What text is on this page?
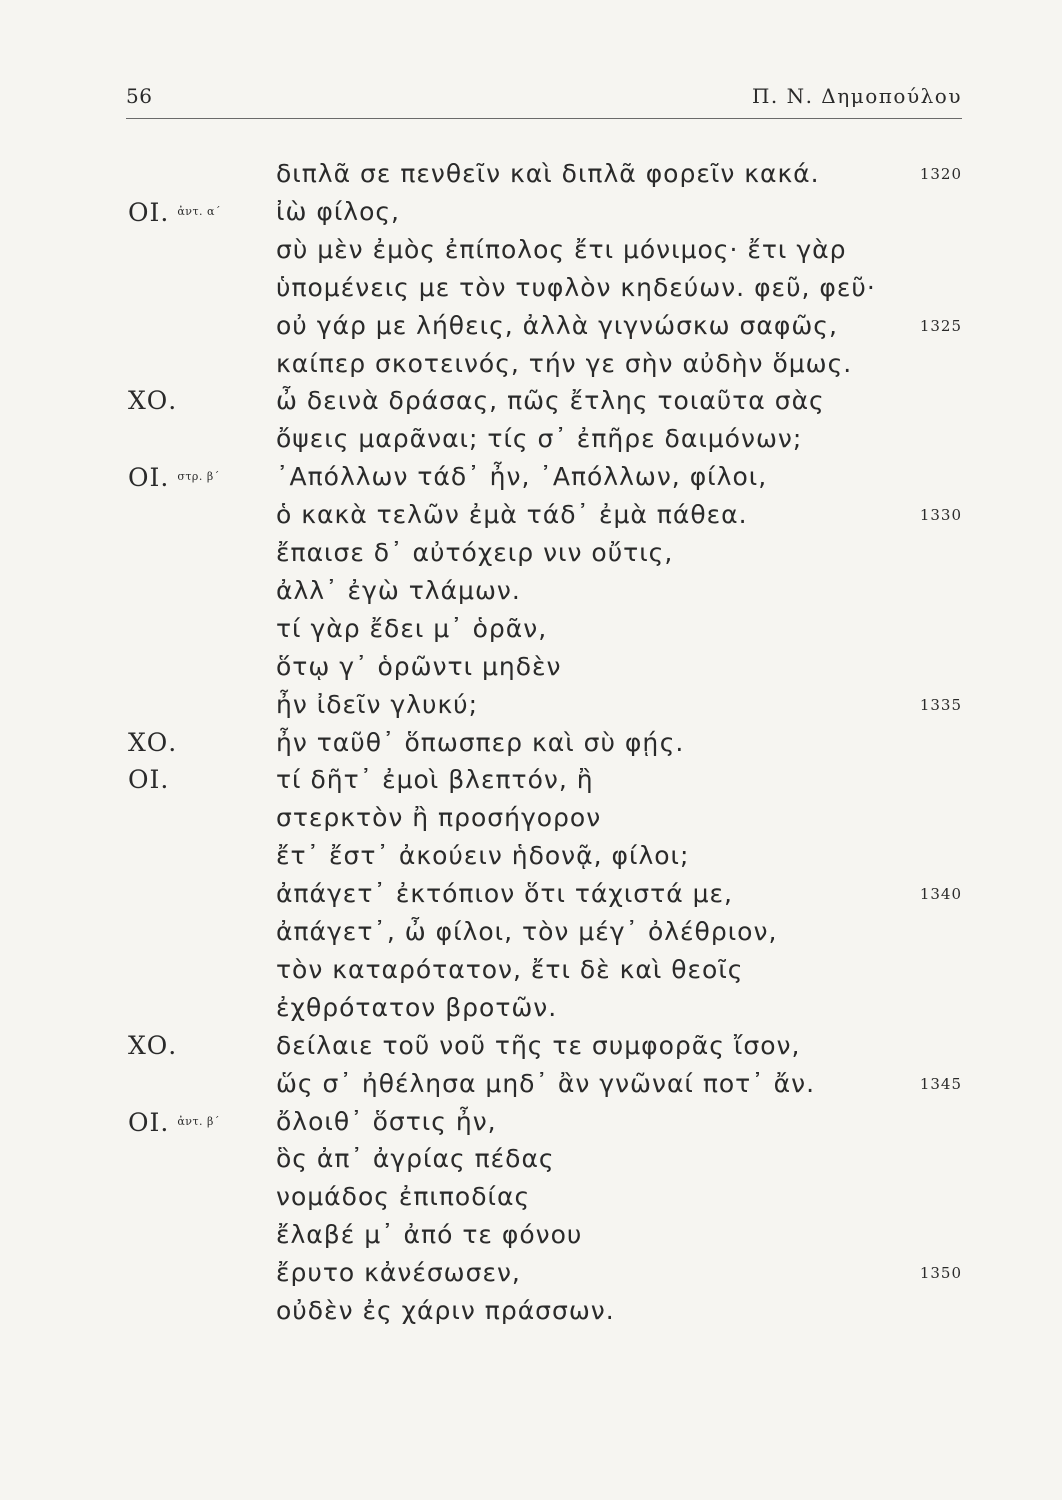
56	Π. Ν. Δημοπούλου
διπλᾶ σε πενθεῖν καὶ διπλᾶ φορεῖν κακά.	1320
ΟΙ. $^{ἀ\nu\tau. \alpha΄}$ ἰὼ φίλος,
σὺ μὲν ἐμὸς ἐπίπολος ἔτι μόνιμος· ἔτι γὰρ
ὑπομένεις με τὸν τυφλὸν κηδεύων. φεῦ, φεῦ·
οὐ γάρ με λήθεις, ἀλλὰ γιγνώσκω σαφῶς,	1325
καίπερ σκοτεινός, τήν γε σὴν αὐδὴν ὅμως.
ΧΟ.	ὦ δεινὰ δράσας, πῶς ἔτλης τοιαῦτα σὰς
ὄψεις μαρᾶναι; τίς σ᾽ ἐπῆρε δαιμόνων;
ΟΙ. $^{\sigma\tau\rho. \beta΄}$ ᾽Απόλλων τάδ᾽ ἦν, ᾽Απόλλων, φίλοι,
ὁ κακὰ τελῶν ἐμὰ τάδ᾽ ἐμὰ πάθεα.	1330
ἔπαισε δ᾽ αὐτόχειρ νιν οὔτις,
ἀλλ᾽ ἐγὼ τλάμων.
τί γὰρ ἔδει μ᾽ ὁρᾶν,
ὅτῳ γ᾽ ὁρῶντι μηδὲν
ἦν ἰδεῖν γλυκύ;	1335
ΧΟ.	ἦν ταῦθ᾽ ὅπωσπερ καὶ σὺ φῄς.
ΟΙ.	τί δῆτ᾽ ἐμοὶ βλεπτόν, ἢ
στερκτὸν ἢ προσήγορον
ἔτ᾽ ἔστ᾽ ἀκούειν ἡδονᾷ, φίλοι;
ἀπάγετ᾽ ἐκτόπιον ὅτι τάχιστά με,	1340
ἀπάγετ᾽, ὦ φίλοι, τὸν μέγ᾽ ὀλέθριον,
τὸν καταρότατον, ἔτι δὲ καὶ θεοῖς
ἐχθρότατον βροτῶν.
ΧΟ.	δείλαιε τοῦ νοῦ τῆς τε συμφορᾶς ἴσον,
ὥς σ᾽ ἠθέλησα μηδ᾽ ἂν γνῶναί ποτ᾽ ἄν.	1345
ΟΙ. $^{ἀ\nu\tau. \beta΄}$ ὄλοιθ᾽ ὅστις ἦν,
ὃς ἀπ᾽ ἀγρίας πέδας
νομάδος ἐπιποδίας
ἔλαβέ μ᾽ ἀπό τε φόνου
ἔρυτο κἀνέσωσεν,	1350
οὐδὲν ἐς χάριν πράσσων.
